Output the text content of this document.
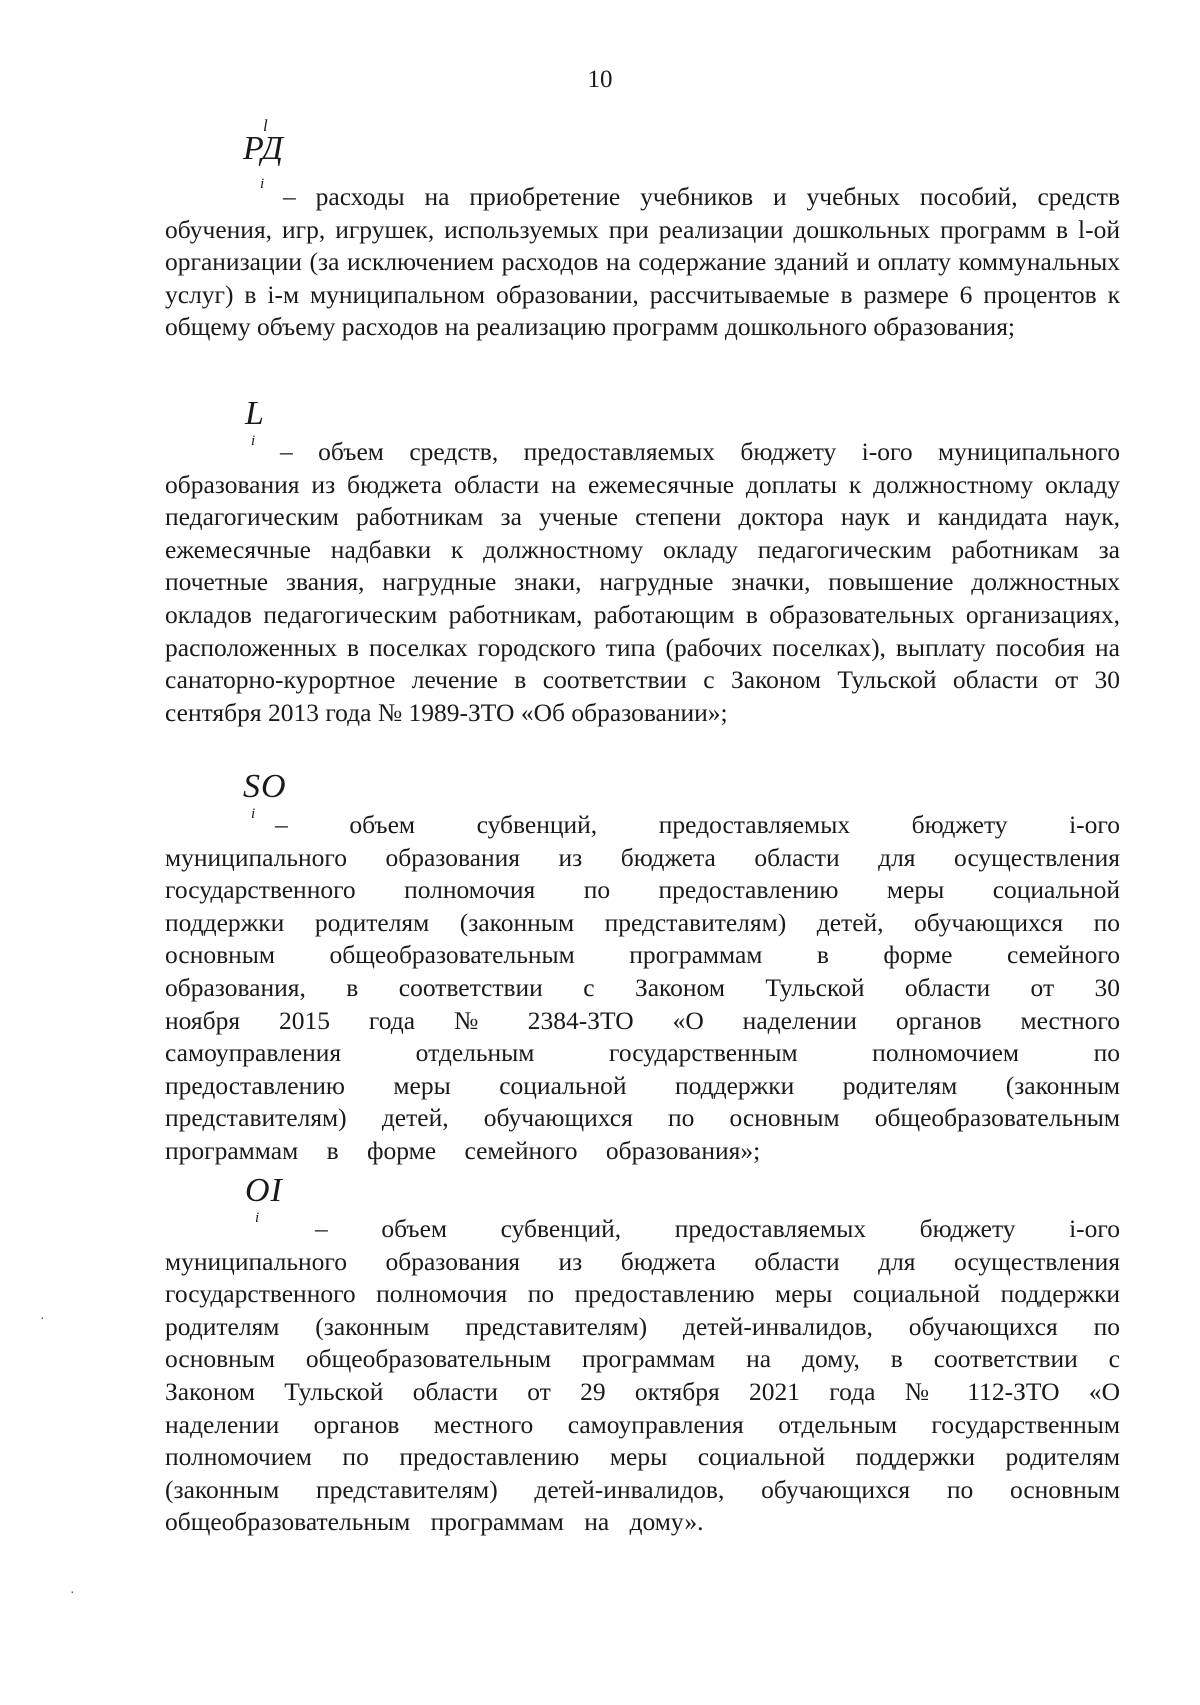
10
l
РД
i – расходы на приобретение учебников и учебных пособий, средств обучения, игр, игрушек, используемых при реализации дошкольных программ в l-ой организации (за исключением расходов на содержание зданий и оплату коммунальных услуг) в i-м муниципальном образовании, рассчитываемые в размере 6 процентов к общему объему расходов на реализацию программ дошкольного образования;

L
i – объем средств, предоставляемых бюджету i-ого муниципального образования из бюджета области на ежемесячные доплаты к должностному окладу педагогическим работникам за ученые степени доктора наук и кандидата наук, ежемесячные надбавки к должностному окладу педагогическим работникам за почетные звания, нагрудные знаки, нагрудные значки, повышение должностных окладов педагогическим работникам, работающим в образовательных организациях, расположенных в поселках городского типа (рабочих поселках), выплату пособия на санаторно-курортное лечение в соответствии с Законом Тульской области от 30 сентября 2013 года № 1989-ЗТО «Об образовании»;

SO
i – объем субвенций, предоставляемых бюджету i-ого муниципального образования из бюджета области для осуществления государственного полномочия по предоставлению меры социальной поддержки родителям (законным представителям) детей, обучающихся по основным общеобразовательным программам в форме семейного образования, в соответствии с Законом Тульской области от 30 ноября 2015 года № 2384-ЗТО «О наделении органов местного самоуправления отдельным государственным полномочием по предоставлению меры социальной поддержки родителям (законным представителям) детей, обучающихся по основным общеобразовательным программам в форме семейного образования»;

OI
i	– объем субвенций, предоставляемых бюджету i-ого муниципального образования из бюджета области для осуществления государственного полномочия по предоставлению меры социальной поддержки родителям (законным представителям) детей-инвалидов, обучающихся по основным общеобразовательным программам на дому, в соответствии с Законом Тульской области от 29 октября 2021 года № 112-ЗТО «О наделении органов местного самоуправления отдельным государственным полномочием по предоставлению меры социальной поддержки родителям (законным представителям) детей-инвалидов, обучающихся по основным общеобразовательным программам на дому».

·
·
